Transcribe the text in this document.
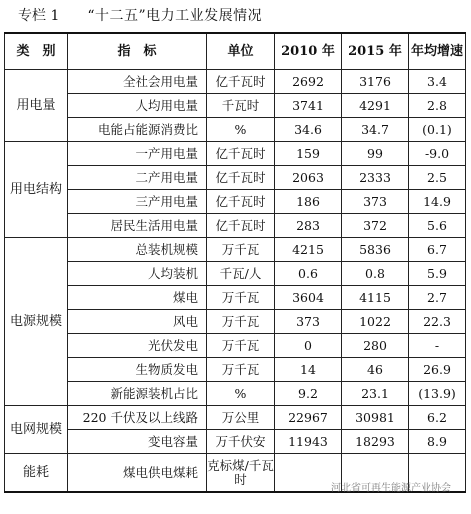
专栏 1 “十二五”电力工业发展情况
类　别	指　标	单位	2010 年	2015 年	年均增速
用电量	全社会用电量	亿千瓦时	2692	3176	3.4
	人均用电量	千瓦时	3741	4291	2.8
	电能占能源消费比	%	34.6	34.7	(0.1)
用电结构	一产用电量	亿千瓦时	159	99	-9.0
	二产用电量	亿千瓦时	2063	2333	2.5
	三产用电量	亿千瓦时	186	373	14.9
	居民生活用电量	亿千瓦时	283	372	5.6
电源规模	总装机规模	万千瓦	4215	5836	6.7
	人均装机	千瓦/人	0.6	0.8	5.9
	煤电	万千瓦	3604	4115	2.7
	风电	万千瓦	373	1022	22.3
	光伏发电	万千瓦	0	280	-
	生物质发电	万千瓦	14	46	26.9
	新能源装机占比	%	9.2	23.1	(13.9)
电网规模	220 千伏及以上线路	万公里	22967	30981	6.2
	变电容量	万千伏安	11943	18293	8.9
能耗	煤电供电煤耗	克标煤/千瓦时			
河北省可再生能源产业协会
